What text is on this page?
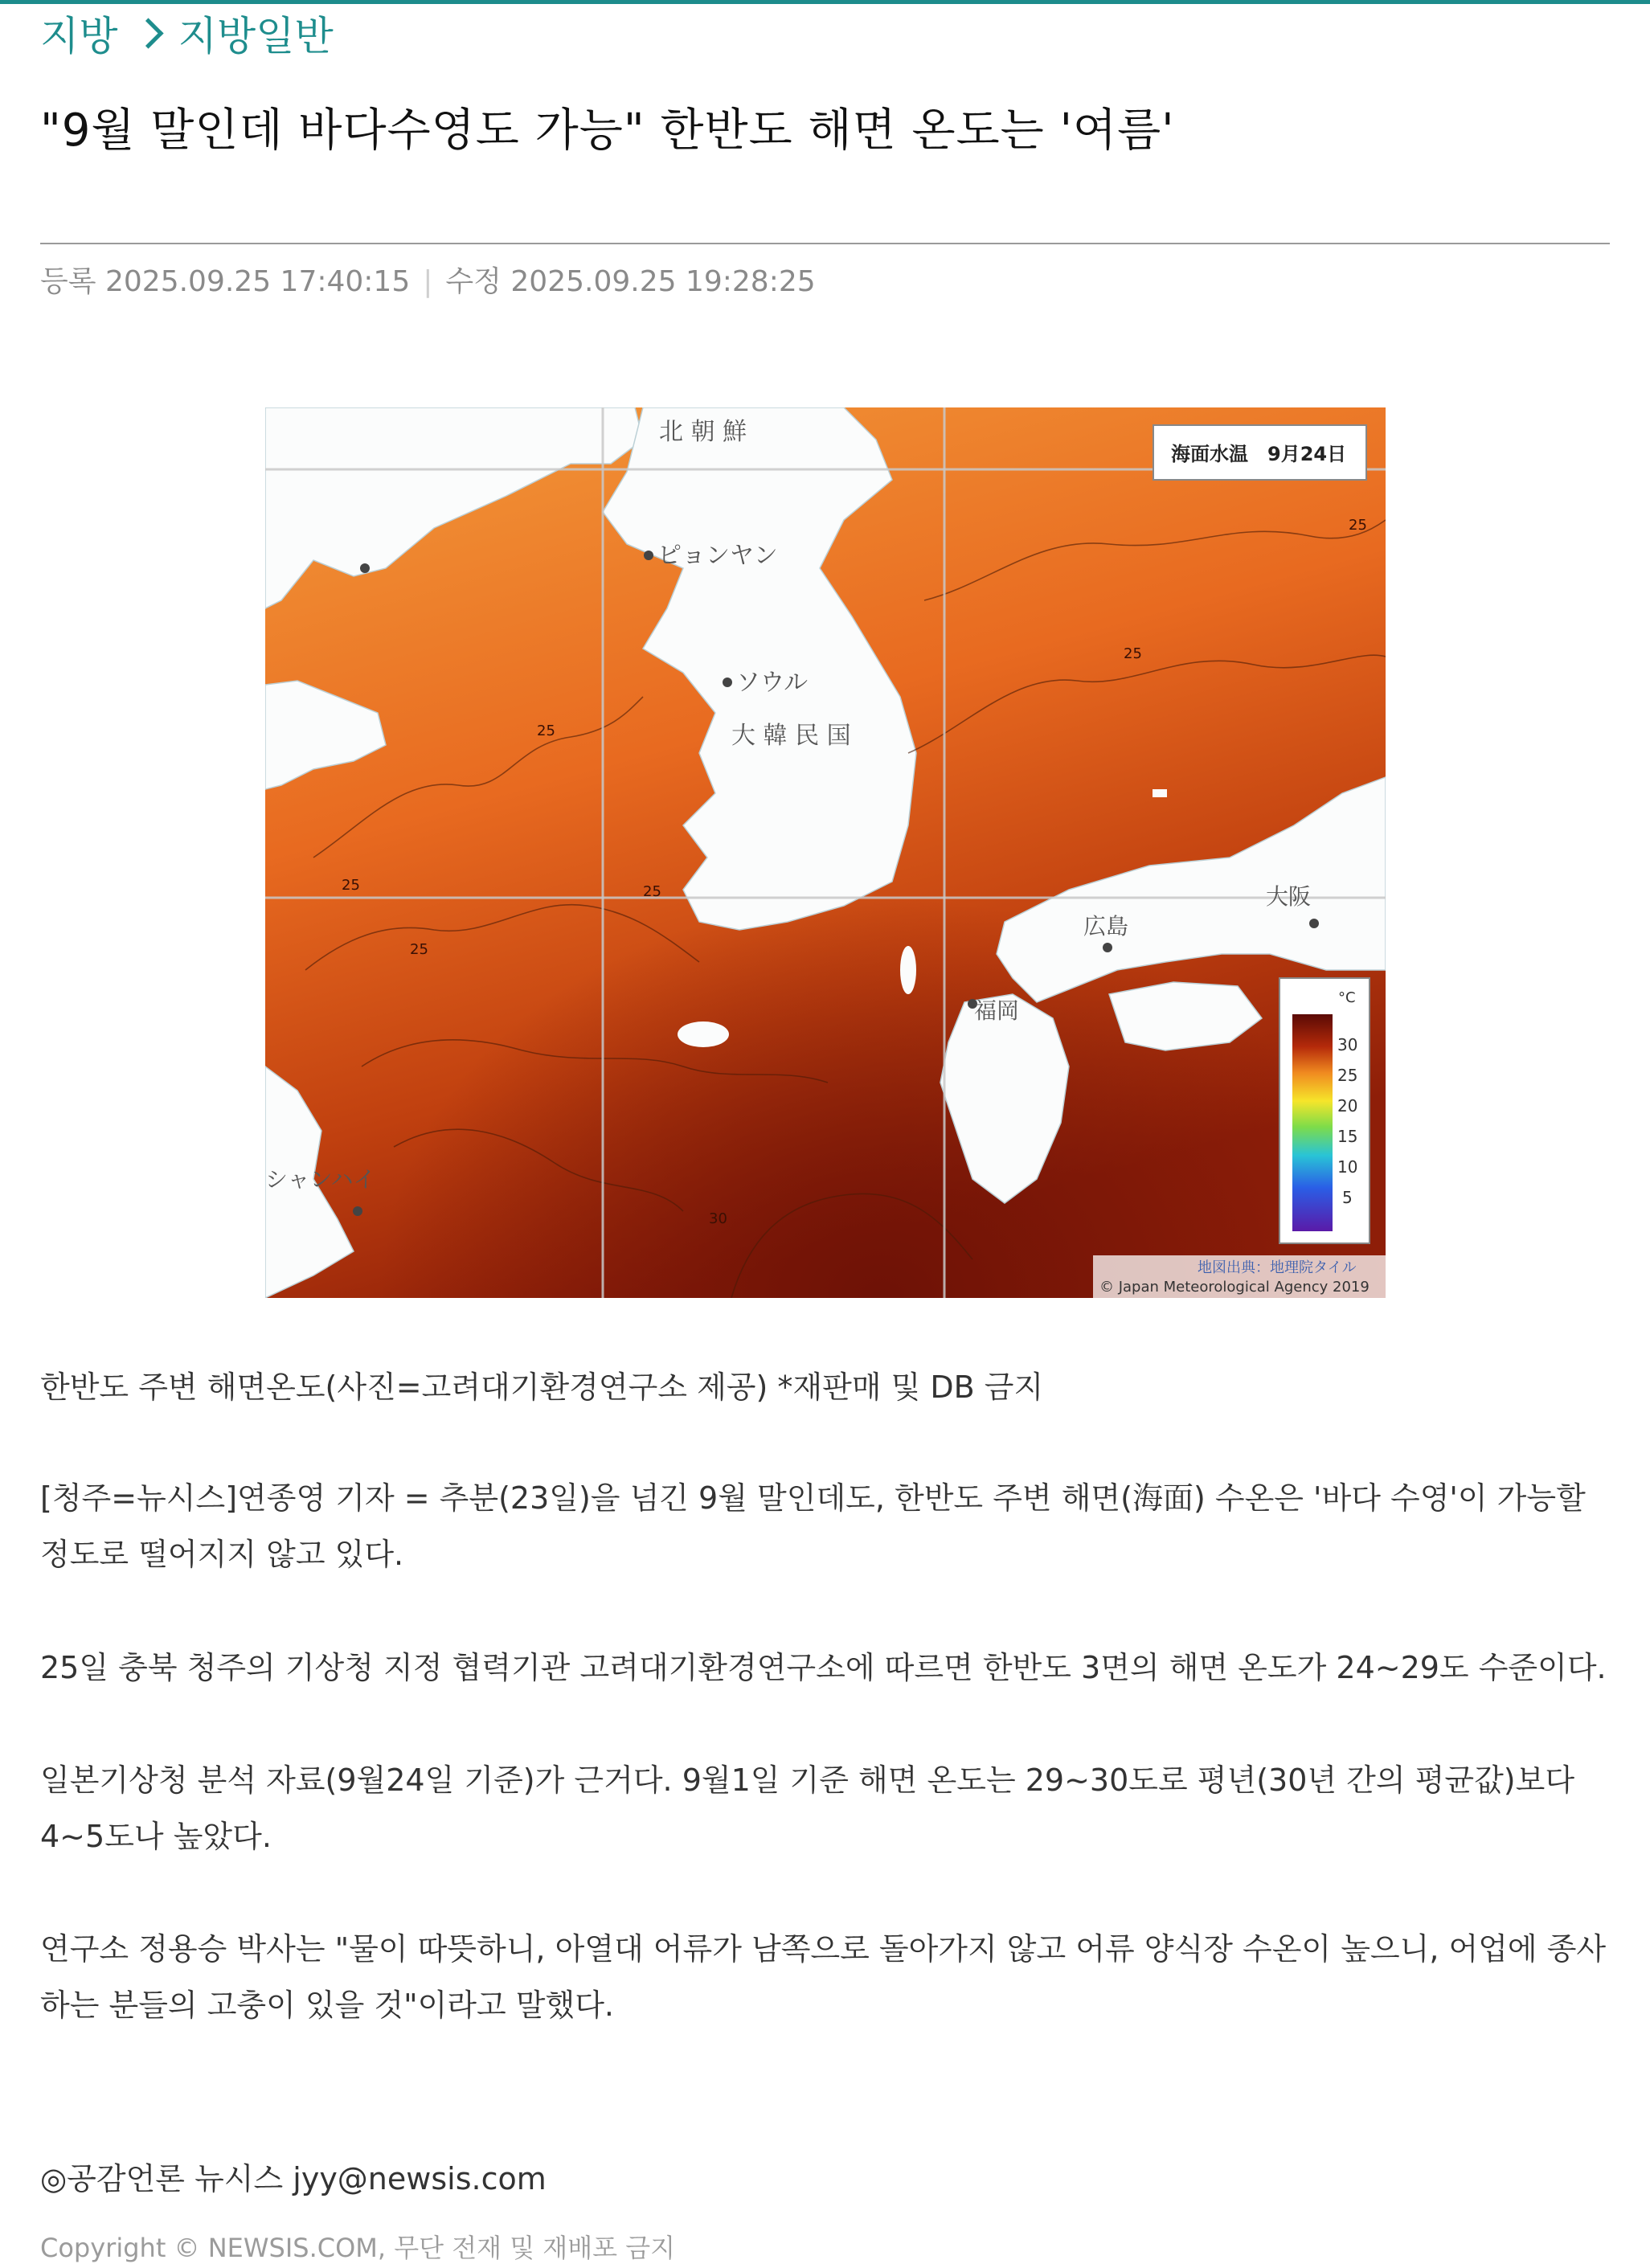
지방 지방일반
"9월 말인데 바다수영도 가능" 한반도 해면 온도는 '여름'
등록 2025.09.25 17:40:15 | 수정 2025.09.25 19:28:25
北 朝 鮮
ピョンヤン
ソウル
大 韓 民 国
広島
大阪
福岡
シャンハイ
25
25
25
25	25
25
30
海面水温　9月24日
°C
30
25
20
15
10
5
地図出典：地理院タイル
© Japan Meteorological Agency 2019
한반도 주변 해면온도(사진=고려대기환경연구소 제공) *재판매 및 DB 금지
[청주=뉴시스]연종영 기자 = 추분(23일)을 넘긴 9월 말인데도, 한반도 주변 해면(海面) 수온은 '바다 수영'이 가능할 정도로 떨어지지 않고 있다.
25일 충북 청주의 기상청 지정 협력기관 고려대기환경연구소에 따르면 한반도 3면의 해면 온도가 24~29도 수준이다.
일본기상청 분석 자료(9월24일 기준)가 근거다. 9월1일 기준 해면 온도는 29~30도로 평년(30년 간의 평균값)보다 4~5도나 높았다.
연구소 정용승 박사는 "물이 따뜻하니, 아열대 어류가 남쪽으로 돌아가지 않고 어류 양식장 수온이 높으니, 어업에 종사하는 분들의 고충이 있을 것"이라고 말했다.
◎공감언론 뉴시스 jyy@newsis.com
Copyright © NEWSIS.COM, 무단 전재 및 재배포 금지
